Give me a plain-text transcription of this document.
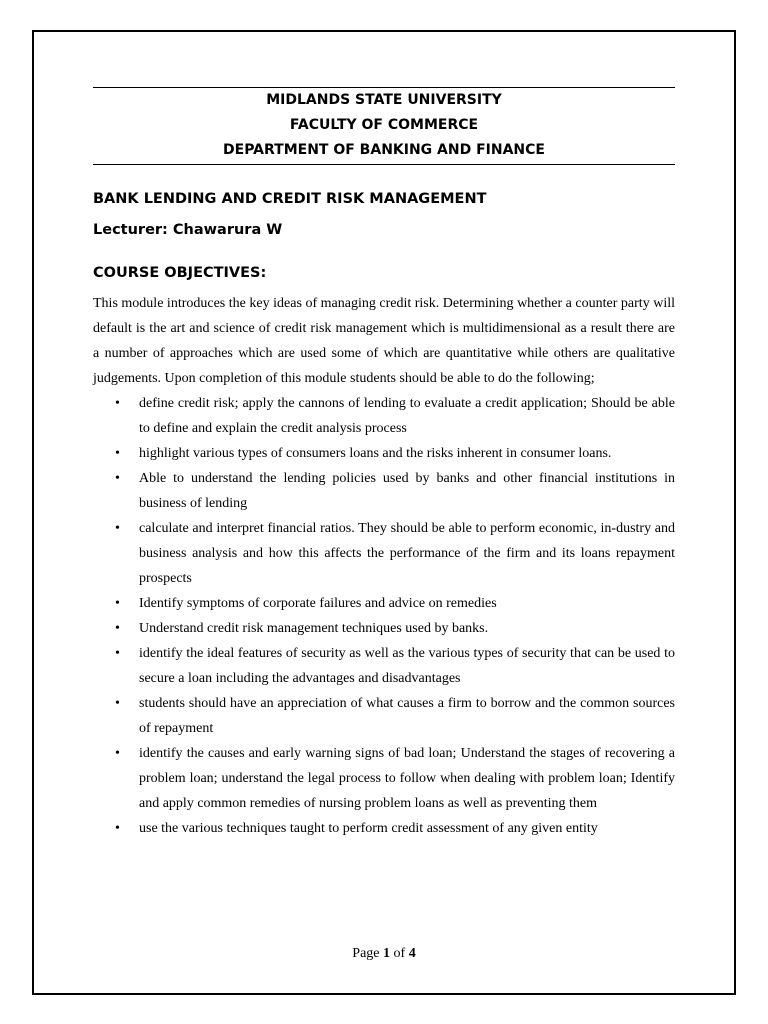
MIDLANDS STATE UNIVERSITY
FACULTY OF COMMERCE
DEPARTMENT OF BANKING AND FINANCE
BANK LENDING AND CREDIT RISK MANAGEMENT
Lecturer: Chawarura W
COURSE OBJECTIVES:

This module introduces the key ideas of managing credit risk. Determining whether a counter party will default is the art and science of credit risk management which is multidimensional as a result there are a number of approaches which are used some of which are quantitative while others are qualitative judgements. Upon completion of this module students should be able to do the following;

• define credit risk; apply the cannons of lending to evaluate a credit application; Should be able to define and explain the credit analysis process
• highlight various types of consumers loans and the risks inherent in consumer loans.
• Able to understand the lending policies used by banks and other financial institutions in business of lending
• calculate and interpret financial ratios. They should be able to perform economic, in-dustry and business analysis and how this affects the performance of the firm and its loans repayment prospects
• Identify symptoms of corporate failures and advice on remedies
• Understand credit risk management techniques used by banks.
• identify the ideal features of security as well as the various types of security that can be used to secure a loan including the advantages and disadvantages
• students should have an appreciation of what causes a firm to borrow and the common sources of repayment
• identify the causes and early warning signs of bad loan; Understand the stages of recovering a problem loan; understand the legal process to follow when dealing with problem loan; Identify and apply common remedies of nursing problem loans as well as preventing them
• use the various techniques taught to perform credit assessment of any given entity
Page 1 of 4
